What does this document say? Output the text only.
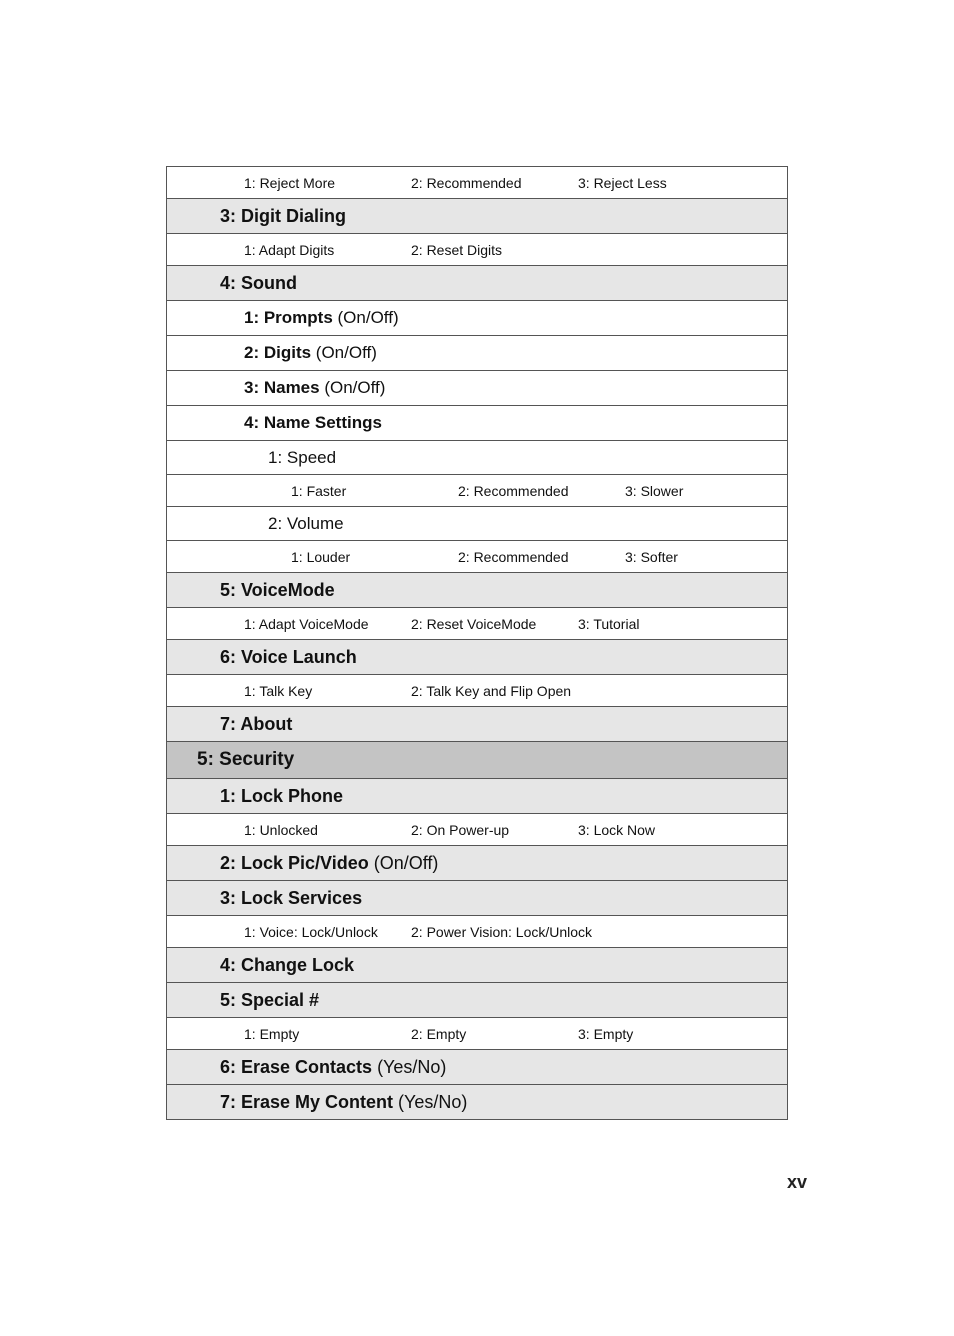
1: Reject More	2: Recommended	3: Reject Less
3: Digit Dialing
1: Adapt Digits	2: Reset Digits
4: Sound
1: Prompts (On/Off)
2: Digits (On/Off)
3: Names (On/Off)
4: Name Settings
1: Speed
1: Faster	2: Recommended	3: Slower
2: Volume
1: Louder	2: Recommended	3: Softer
5: VoiceMode
1: Adapt VoiceMode	2: Reset VoiceMode	3: Tutorial
6: Voice Launch
1: Talk Key	2: Talk Key and Flip Open
7: About
5: Security
1: Lock Phone
1: Unlocked	2: On Power-up	3: Lock Now
2: Lock Pic/Video (On/Off)
3: Lock Services
1: Voice: Lock/Unlock	2: Power Vision: Lock/Unlock
4: Change Lock
5: Special #
1: Empty	2: Empty	3: Empty
6: Erase Contacts (Yes/No)
7: Erase My Content (Yes/No)
xv
